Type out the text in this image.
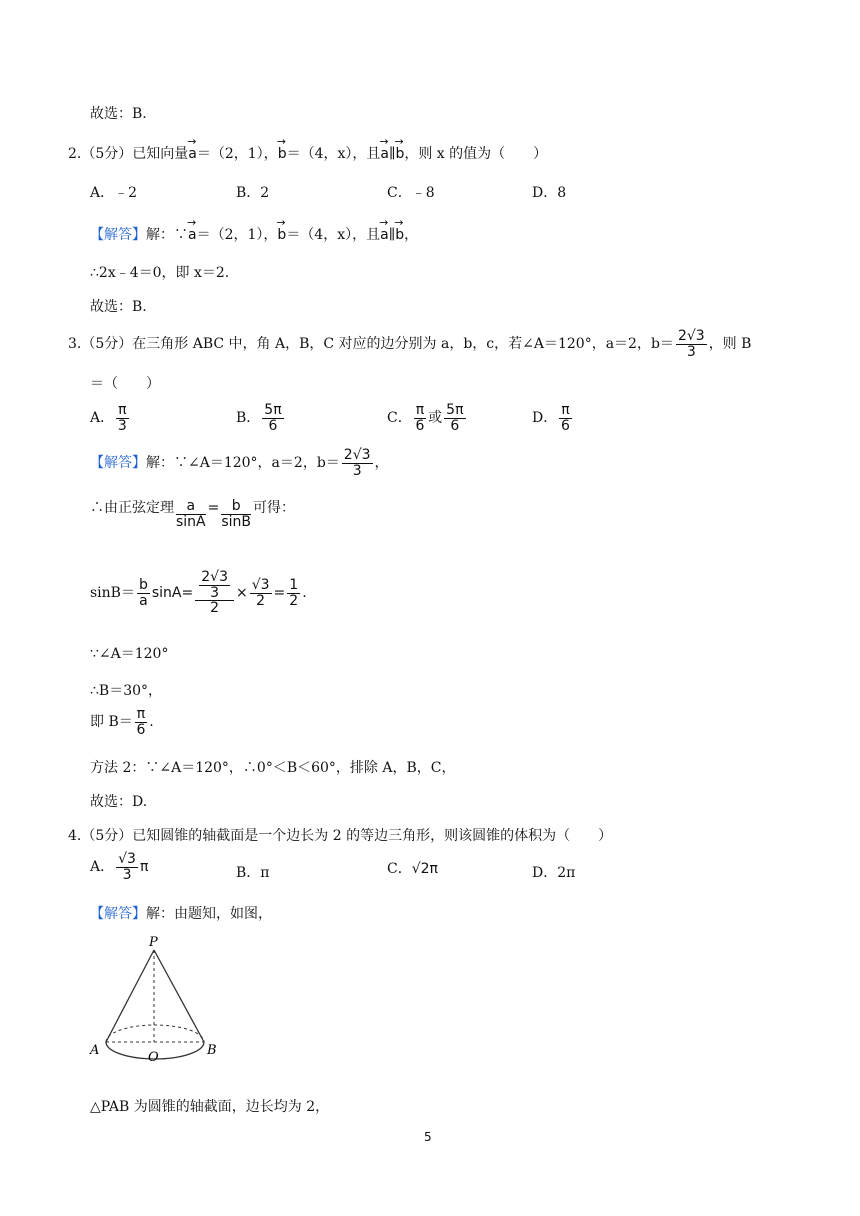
故选：B.
2.（5分）已知向量→ a＝（2，1），→ b＝（4，x），且→ a∥→ b，则 x 的值为（　　）
A．﹣2	B．2	C．﹣8	D．8
【解答】解：∵→ a＝（2，1），→ b＝（4，x），且→ a∥→ b，
∴2x﹣4＝0，即 x＝2.
故选：B.
3.（5分）在三角形 ABC 中，角 A，B，C 对应的边分别为 a，b，c，若∠A＝120°，a＝2，$b= \frac{2√3}{3}$ ，则 B
＝（　　）
A． $\frac{\pi}{3}$	B． $\frac{5\pi}{6}$	C． $\frac{\pi}{6}$ 或 $\frac{5\pi}{6}$	D． $\frac{\pi}{6}$
【解答】解：∵∠A＝120°，a＝2，$b= \frac{2√3}{3}$ ，
∴由正弦定理 $\frac{a}{\sin A} = \frac{b}{\sin B}$ 可得：
$\sin B= \frac{b}{a} \sin A= \frac{\frac{2√3}{3}}{2} \times \frac{√3}{2} = \frac{1}{2}$ .
∵∠A＝120°
∴B＝30°，
即 $B= \frac{\pi}{6}$ .
方法 2：∵∠A＝120°，∴0°＜B＜60°，排除 A，B，C，
故选：D.
4.（5分）已知圆锥的轴截面是一个边长为 2 的等边三角形，则该圆锥的体积为（　　）
A． $\frac{√3}{3}$ π	B．π	C．√2π	D．2π
【解答】解：由题知，如图，
P
A	O	B
△PAB 为圆锥的轴截面，边长均为 2，
5
